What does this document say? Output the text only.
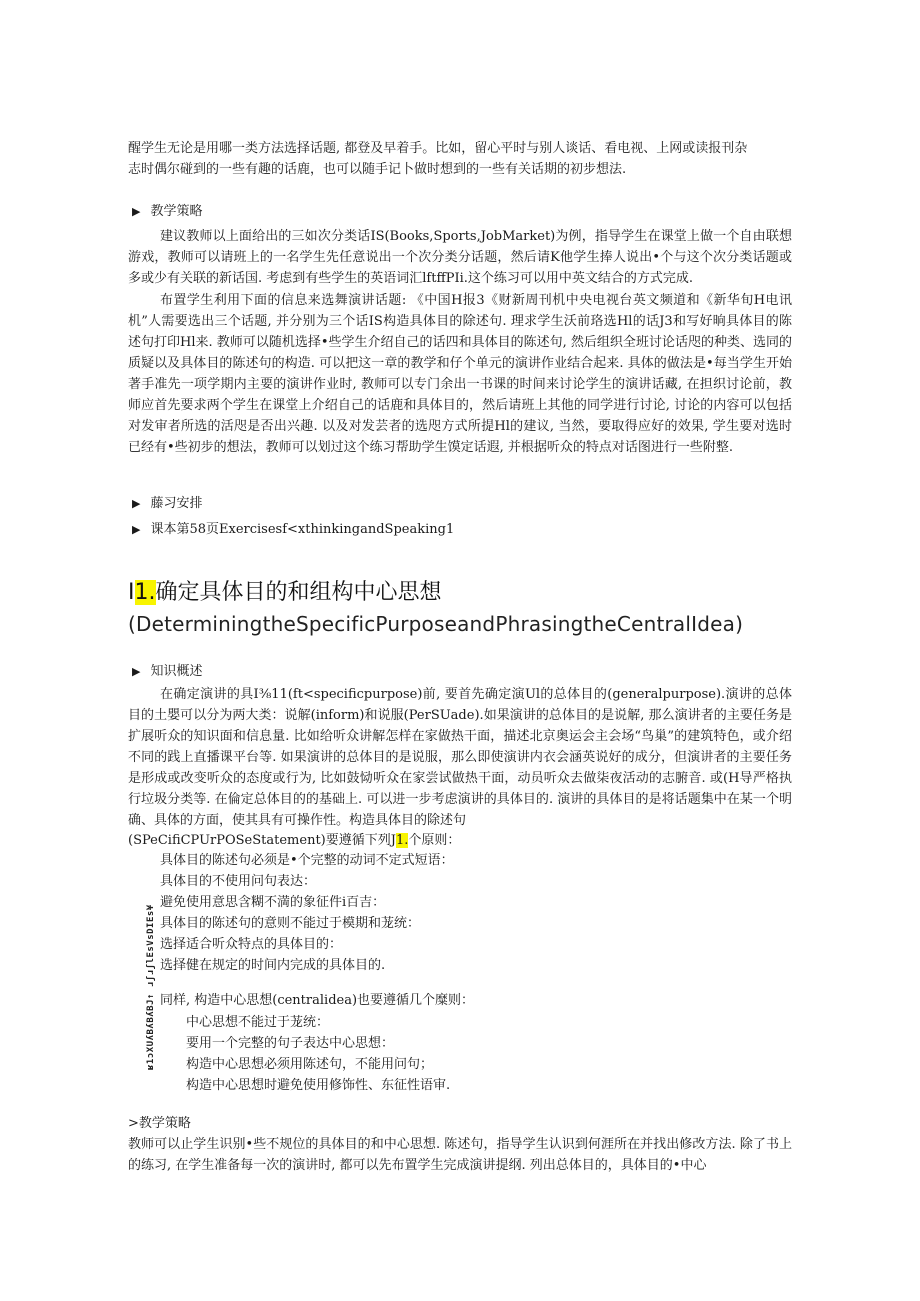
醒学生无论是用哪一类方法选择话题, 都登及早着手。比如，留心平时与别人谈话、看电视、上网或读报刊杂
志时偶尔碰到的一些有趣的话鹿，也可以随手记卜做时想到的一些有关话期的初步想法.

▶ 教学策略

建议教师以上面给出的三如次分类话IS(Books,Sports,JobMarket)为例，指导学生在课堂上做一个自由联想游戏，教师可以请班上的一名学生先任意说出一个次分类分话题，然后请K他学生捧人说出•个与这个次分类话题或多或少有关联的新话国. 考虑到有些学生的英语词汇lftffPIi.这个练习可以用中英文结合的方式完成.

布置学生利用下面的信息来选舞演讲话题: 《中国H报3《财新周刊机中央电视台英文频道和《新华旬H电讯机”人需要选出三个话题, 并分别为三个话IS构造具体目的除述句. 理求学生沃前珞选Hl的话J3和写好晌具体目的陈述句打印Hl来. 教师可以随机选择•些学生介绍自己的话四和具体目的陈述句, 然后组织全班讨论话咫的种类、选同的质疑以及具体目的陈述句的构造. 可以把这一章的教学和仔个单元的演讲作业结合起来. 具体的做法是•每当学生开始著手准先一项学期内主要的演讲作业时, 教师可以专门余出一书课的时间来讨论学生的演讲话藏, 在担织讨论前，教师应首先要求两个学生在课堂上介绍自己的话鹿和具体目的，然后请班上其他的同学进行讨论, 讨论的内容可以包括对发审者所选的活咫是否出兴趣. 以及对发芸者的选咫方式所提Hl的建议, 当然，要取得应好的效果, 学生要对选时已经有•些初步的想法，教师可以划过这个练习帮助学生馍定话遐, 并根据听众的特点对话图进行一些附整.

▶ 藤习安排
▶ 课本第58页Exercisesf<xthinkingandSpeaking1
I1.确定具体目的和组构中心思想
(DeterminingtheSpecificPurposeandPhrasingtheCentralIdea)
▶ 知识概述

在确定演讲的具I⅜11(ft<specificpurpose)前, 要首先确定演Ul的总体目的(generalpurpose).演讲的总体目的土嬰可以分为两大类：说解(inform)和说服(PerSUade).如果演讲的总体目的是说解, 那么演讲者的主要任务是扩展听众的知识面和信息量. 比如给听众讲解怎样在家做热干面，描述北京奥运会主会场“鸟巢”的建筑特色，或介绍不同的践上直播课平台等. 如果演讲的总体目的是说服，那么即使演讲内衣会涵英说好的成分，但演讲者的主要任务是形成或改变听众的态度或行为, 比如鼓恸听众在家尝试做热干面，动员听众去做柒夜活动的志腑音. 或(H导严格执行垃圾分类等. 在倫定总体目的的基础上. 可以进一步考虑演讲的具体目的. 演讲的具体目的是将话题集中在某一个明确、具体的方面，使其具有可操作性。构造具体目的除述句

(SPeCifiCPUrPOSeStatement)要遵循下列J1.个原则：

ʁ1ɔXUʎBʎBʎBJ↑ ɹʃɹʃlEsVsDIEs¥
具体目的陈述句必须是•个完整的动词不定式短语：
具体目的不使用问句表达：
避免使用意思含糊不満的象征件i百吉：
具体目的陈述句的意则不能过于模期和茏统：
选择适合听众特点的具体目的：
选择健在规定的时间内完成的具体目的.
同样, 构造中心思想(centralidea)也要遵循几个糜则：
中心思想不能过于茏统：
要用一个完整的句子表达中心思想：
构造中心思想必须用陈述句，不能用问句；
构造中心思想时避免使用修饰性、东征性语审.
>教学策略

教师可以止学生识别•些不规位的具体目的和中心思想. 陈述句，指导学生认识到何涯所在并找出修改方法. 除了书上的练习, 在学生准备每一次的演讲时, 都可以先布置学生完成演讲提纲. 列出总体目的，具体目的•中心
